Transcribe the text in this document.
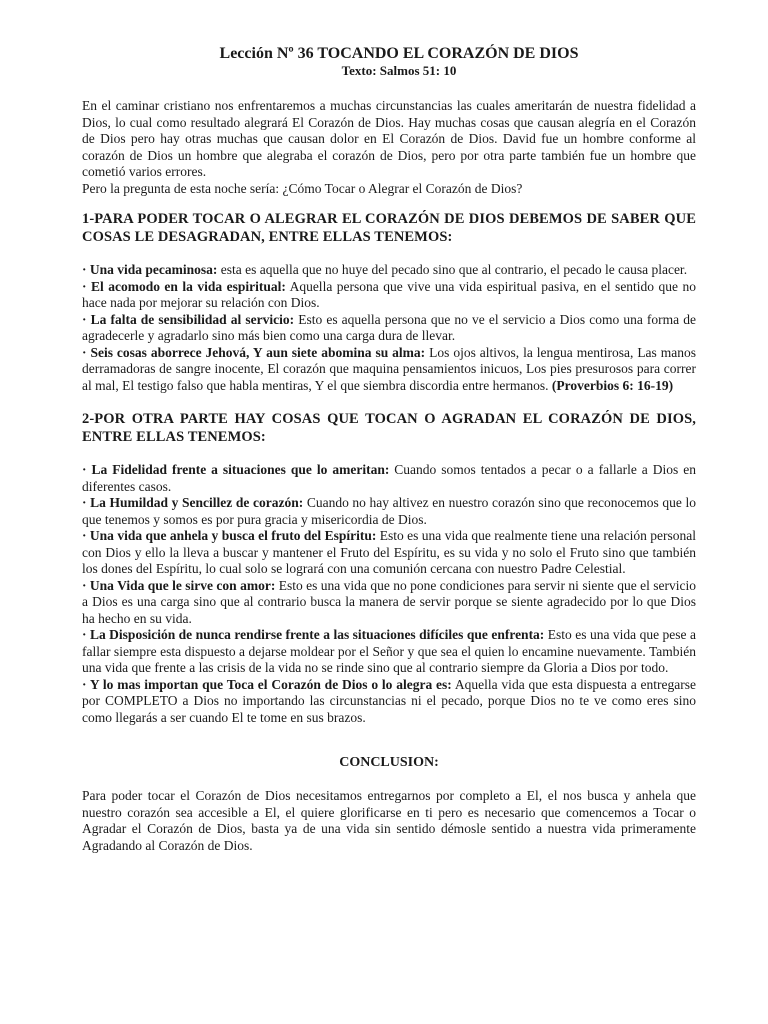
Lección Nº 36 TOCANDO EL CORAZÓN DE DIOS
Texto: Salmos 51: 10

En el caminar cristiano nos enfrentaremos a muchas circunstancias las cuales ameritarán de nuestra fidelidad a Dios, lo cual como resultado alegrará El Corazón de Dios. Hay muchas cosas que causan alegría en el Corazón de Dios pero hay otras muchas que causan dolor en El Corazón de Dios. David fue un hombre conforme al corazón de Dios un hombre que alegraba el corazón de Dios, pero por otra parte también fue un hombre que cometió varios errores.

Pero la pregunta de esta noche sería: ¿Cómo Tocar o Alegrar el Corazón de Dios?

1-PARA PODER TOCAR O ALEGRAR EL CORAZÓN DE DIOS DEBEMOS DE SABER QUE COSAS LE DESAGRADAN, ENTRE ELLAS TENEMOS:

· Una vida pecaminosa: esta es aquella que no huye del pecado sino que al contrario, el pecado le causa placer.

· El acomodo en la vida espiritual: Aquella persona que vive una vida espiritual pasiva, en el sentido que no hace nada por mejorar su relación con Dios.

· La falta de sensibilidad al servicio: Esto es aquella persona que no ve el servicio a Dios como una forma de agradecerle y agradarlo sino más bien como una carga dura de llevar.

· Seis cosas aborrece Jehová, Y aun siete abomina su alma: Los ojos altivos, la lengua mentirosa, Las manos derramadoras de sangre inocente, El corazón que maquina pensamientos inicuos, Los pies presurosos para correr al mal, El testigo falso que habla mentiras, Y el que siembra discordia entre hermanos. (Proverbios 6: 16-19)

2-POR OTRA PARTE HAY COSAS QUE TOCAN O AGRADAN EL CORAZÓN DE DIOS, ENTRE ELLAS TENEMOS:

· La Fidelidad frente a situaciones que lo ameritan: Cuando somos tentados a pecar o a fallarle a Dios en diferentes casos.

· La Humildad y Sencillez de corazón: Cuando no hay altivez en nuestro corazón sino que reconocemos que lo que tenemos y somos es por pura gracia y misericordia de Dios.

· Una vida que anhela y busca el fruto del Espíritu: Esto es una vida que realmente tiene una relación personal con Dios y ello la lleva a buscar y mantener el Fruto del Espíritu, es su vida y no solo el Fruto sino que también los dones del Espíritu, lo cual solo se logrará con una comunión cercana con nuestro Padre Celestial.

· Una Vida que le sirve con amor: Esto es una vida que no pone condiciones para servir ni siente que el servicio a Dios es una carga sino que al contrario busca la manera de servir porque se siente agradecido por lo que Dios ha hecho en su vida.

· La Disposición de nunca rendirse frente a las situaciones difíciles que enfrenta: Esto es una vida que pese a fallar siempre esta dispuesto a dejarse moldear por el Señor y que sea el quien lo encamine nuevamente. También una vida que frente a las crisis de la vida no se rinde sino que al contrario siempre da Gloria a Dios por todo.

· Y lo mas importan que Toca el Corazón de Dios o lo alegra es: Aquella vida que esta dispuesta a entregarse por COMPLETO a Dios no importando las circunstancias ni el pecado, porque Dios no te ve como eres sino como llegarás a ser cuando El te tome en sus brazos.

CONCLUSION:

Para poder tocar el Corazón de Dios necesitamos entregarnos por completo a El, el nos busca y anhela que nuestro corazón sea accesible a El, el quiere glorificarse en ti pero es necesario que comencemos a Tocar o Agradar el Corazón de Dios, basta ya de una vida sin sentido démosle sentido a nuestra vida primeramente Agradando al Corazón de Dios.
